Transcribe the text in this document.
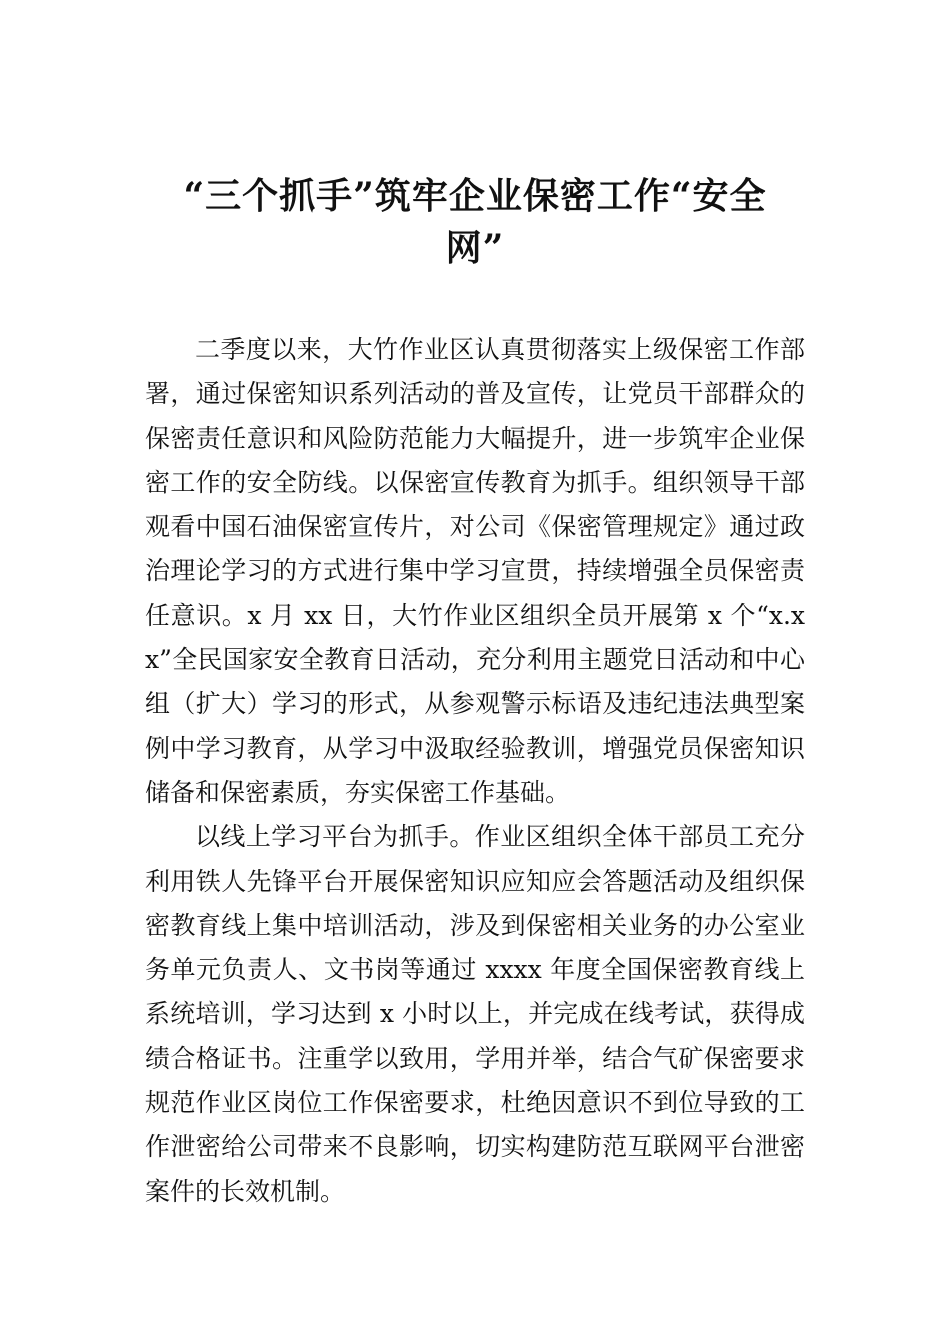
“三个抓手”筑牢企业保密工作“安全
网”

二季度以来，大竹作业区认真贯彻落实上级保密工作部署，通过保密知识系列活动的普及宣传，让党员干部群众的保密责任意识和风险防范能力大幅提升，进一步筑牢企业保密工作的安全防线。以保密宣传教育为抓手。组织领导干部观看中国石油保密宣传片，对公司《保密管理规定》通过政治理论学习的方式进行集中学习宣贯，持续增强全员保密责任意识。x 月 xx 日，大竹作业区组织全员开展第 x 个“x.xx”全民国家安全教育日活动，充分利用主题党日活动和中心组（扩大）学习的形式，从参观警示标语及违纪违法典型案例中学习教育，从学习中汲取经验教训，增强党员保密知识储备和保密素质，夯实保密工作基础。

以线上学习平台为抓手。作业区组织全体干部员工充分利用铁人先锋平台开展保密知识应知应会答题活动及组织保密教育线上集中培训活动，涉及到保密相关业务的办公室业务单元负责人、文书岗等通过 xxxx 年度全国保密教育线上系统培训，学习达到 x 小时以上，并完成在线考试，获得成绩合格证书。注重学以致用，学用并举，结合气矿保密要求规范作业区岗位工作保密要求，杜绝因意识不到位导致的工作泄密给公司带来不良影响，切实构建防范互联网平台泄密案件的长效机制。
